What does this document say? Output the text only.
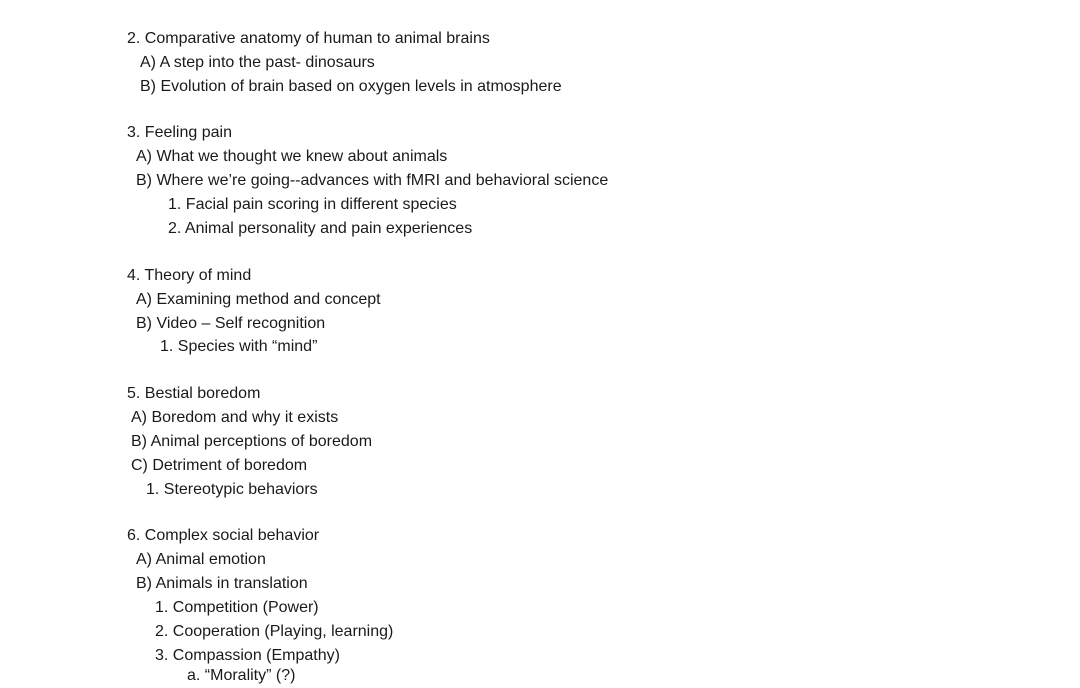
2. Comparative anatomy of human to animal brains
A) A step into the past- dinosaurs
B) Evolution of brain based on oxygen levels in atmosphere
3. Feeling pain
A) What we thought we knew about animals
B) Where we’re going--advances with fMRI and behavioral science
1. Facial pain scoring in different species
2. Animal personality and pain experiences
4. Theory of mind
A) Examining method and concept
B) Video – Self recognition
1. Species with “mind”
5. Bestial boredom
A) Boredom and why it exists
B) Animal perceptions of boredom
C) Detriment of boredom
1. Stereotypic behaviors
6. Complex social behavior
A) Animal emotion
B) Animals in translation
1. Competition (Power)
2. Cooperation (Playing, learning)
3. Compassion (Empathy)
a. “Morality” (?)
